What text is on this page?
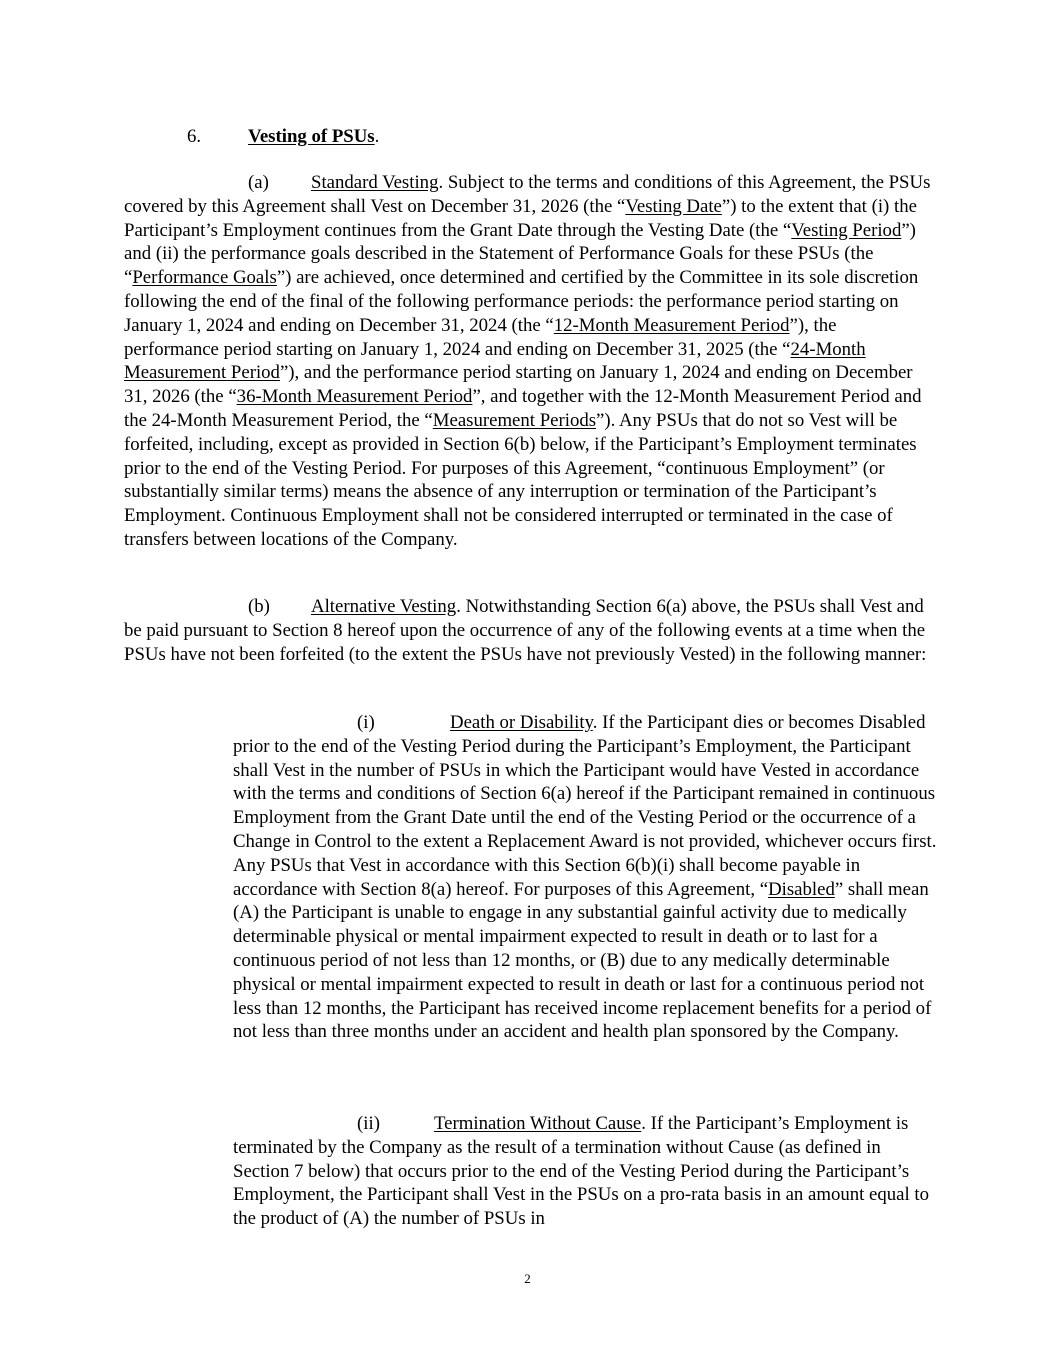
6. Vesting of PSUs.

(a) Standard Vesting. Subject to the terms and conditions of this Agreement, the PSUs covered by this Agreement shall Vest on December 31, 2026 (the “Vesting Date”) to the extent that (i) the Participant’s Employment continues from the Grant Date through the Vesting Date (the “Vesting Period”) and (ii) the performance goals described in the Statement of Performance Goals for these PSUs (the “Performance Goals”) are achieved, once determined and certified by the Committee in its sole discretion following the end of the final of the following performance periods: the performance period starting on January 1, 2024 and ending on December 31, 2024 (the “12-Month Measurement Period”), the performance period starting on January 1, 2024 and ending on December 31, 2025 (the “24-Month Measurement Period”), and the performance period starting on January 1, 2024 and ending on December 31, 2026 (the “36-Month Measurement Period”, and together with the 12-Month Measurement Period and the 24-Month Measurement Period, the “Measurement Periods”). Any PSUs that do not so Vest will be forfeited, including, except as provided in Section 6(b) below, if the Participant’s Employment terminates prior to the end of the Vesting Period. For purposes of this Agreement, “continuous Employment” (or substantially similar terms) means the absence of any interruption or termination of the Participant’s Employment. Continuous Employment shall not be considered interrupted or terminated in the case of transfers between locations of the Company.

(b) Alternative Vesting. Notwithstanding Section 6(a) above, the PSUs shall Vest and be paid pursuant to Section 8 hereof upon the occurrence of any of the following events at a time when the PSUs have not been forfeited (to the extent the PSUs have not previously Vested) in the following manner:

(i)	Death or Disability. If the Participant dies or becomes Disabled prior to the end of the Vesting Period during the Participant’s Employment, the Participant shall Vest in the number of PSUs in which the Participant would have Vested in accordance with the terms and conditions of Section 6(a) hereof if the Participant remained in continuous Employment from the Grant Date until the end of the Vesting Period or the occurrence of a Change in Control to the extent a Replacement Award is not provided, whichever occurs first. Any PSUs that Vest in accordance with this Section 6(b)(i) shall become payable in accordance with Section 8(a) hereof. For purposes of this Agreement, “Disabled” shall mean (A) the Participant is unable to engage in any substantial gainful activity due to medically determinable physical or mental impairment expected to result in death or to last for a continuous period of not less than 12 months, or (B) due to any medically determinable physical or mental impairment expected to result in death or last for a continuous period not less than 12 months, the Participant has received income replacement benefits for a period of not less than three months under an accident and health plan sponsored by the Company.

(ii)	Termination Without Cause. If the Participant’s Employment is terminated by the Company as the result of a termination without Cause (as defined in Section 7 below) that occurs prior to the end of the Vesting Period during the Participant’s Employment, the Participant shall Vest in the PSUs on a pro-rata basis in an amount equal to the product of (A) the number of PSUs in

2
